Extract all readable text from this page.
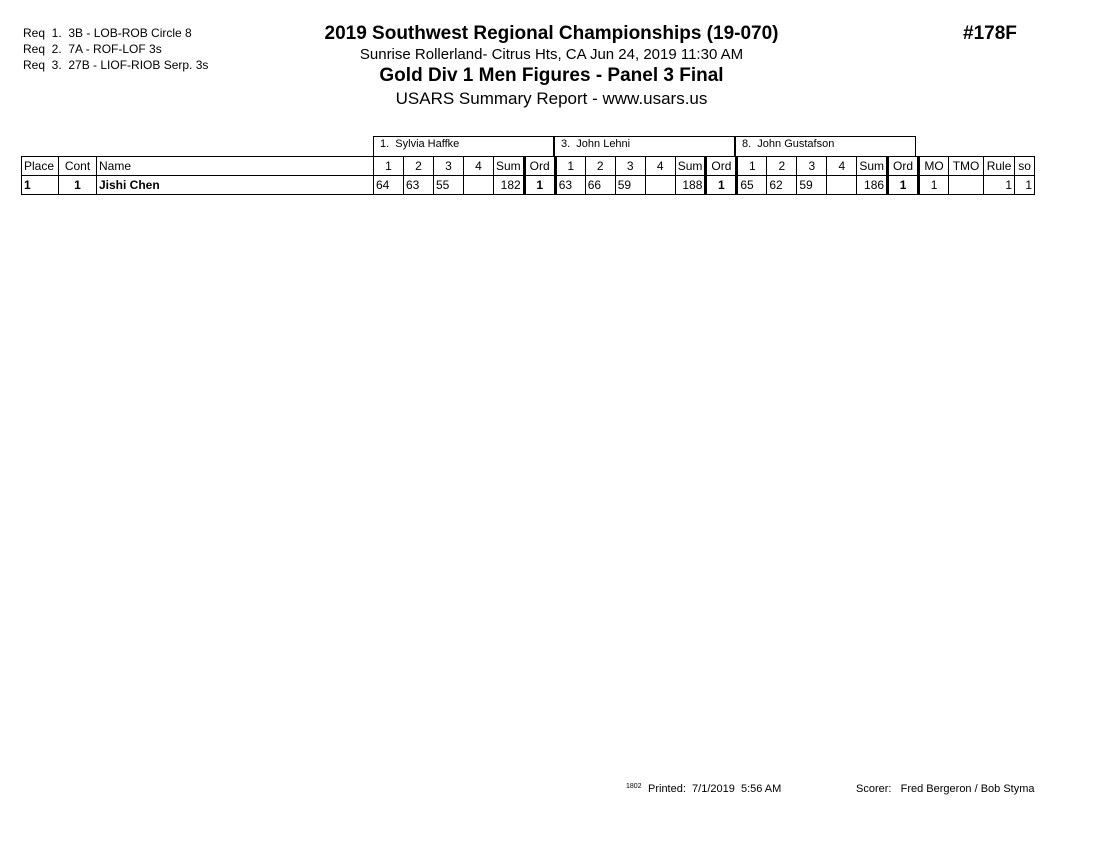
Req  1.  3B - LOB-ROB Circle 8
Req  2.  7A - ROF-LOF 3s
Req  3.  27B - LIOF-RIOB Serp. 3s
2019 Southwest Regional Championships (19-070)
Sunrise Rollerland- Citrus Hts, CA Jun 24, 2019 11:30 AM
Gold Div 1 Men Figures - Panel 3 Final
USARS Summary Report - www.usars.us
#178F
1.  Sylvia Haffke	3.  John Lehni	8.  John Gustafson
Place	Cont	Name	1	2	3	4	Sum	Ord	1	2	3	4	Sum	Ord	1	2	3	4	Sum	Ord	MO	TMO	Rule	so
1	1	Jishi Chen	64	63	55		182	1	63	66	59		188	1	65	62	59		186	1	1		1	1
1802 Printed:  7/1/2019  5:56 AM	Scorer:   Fred Bergeron / Bob Styma
